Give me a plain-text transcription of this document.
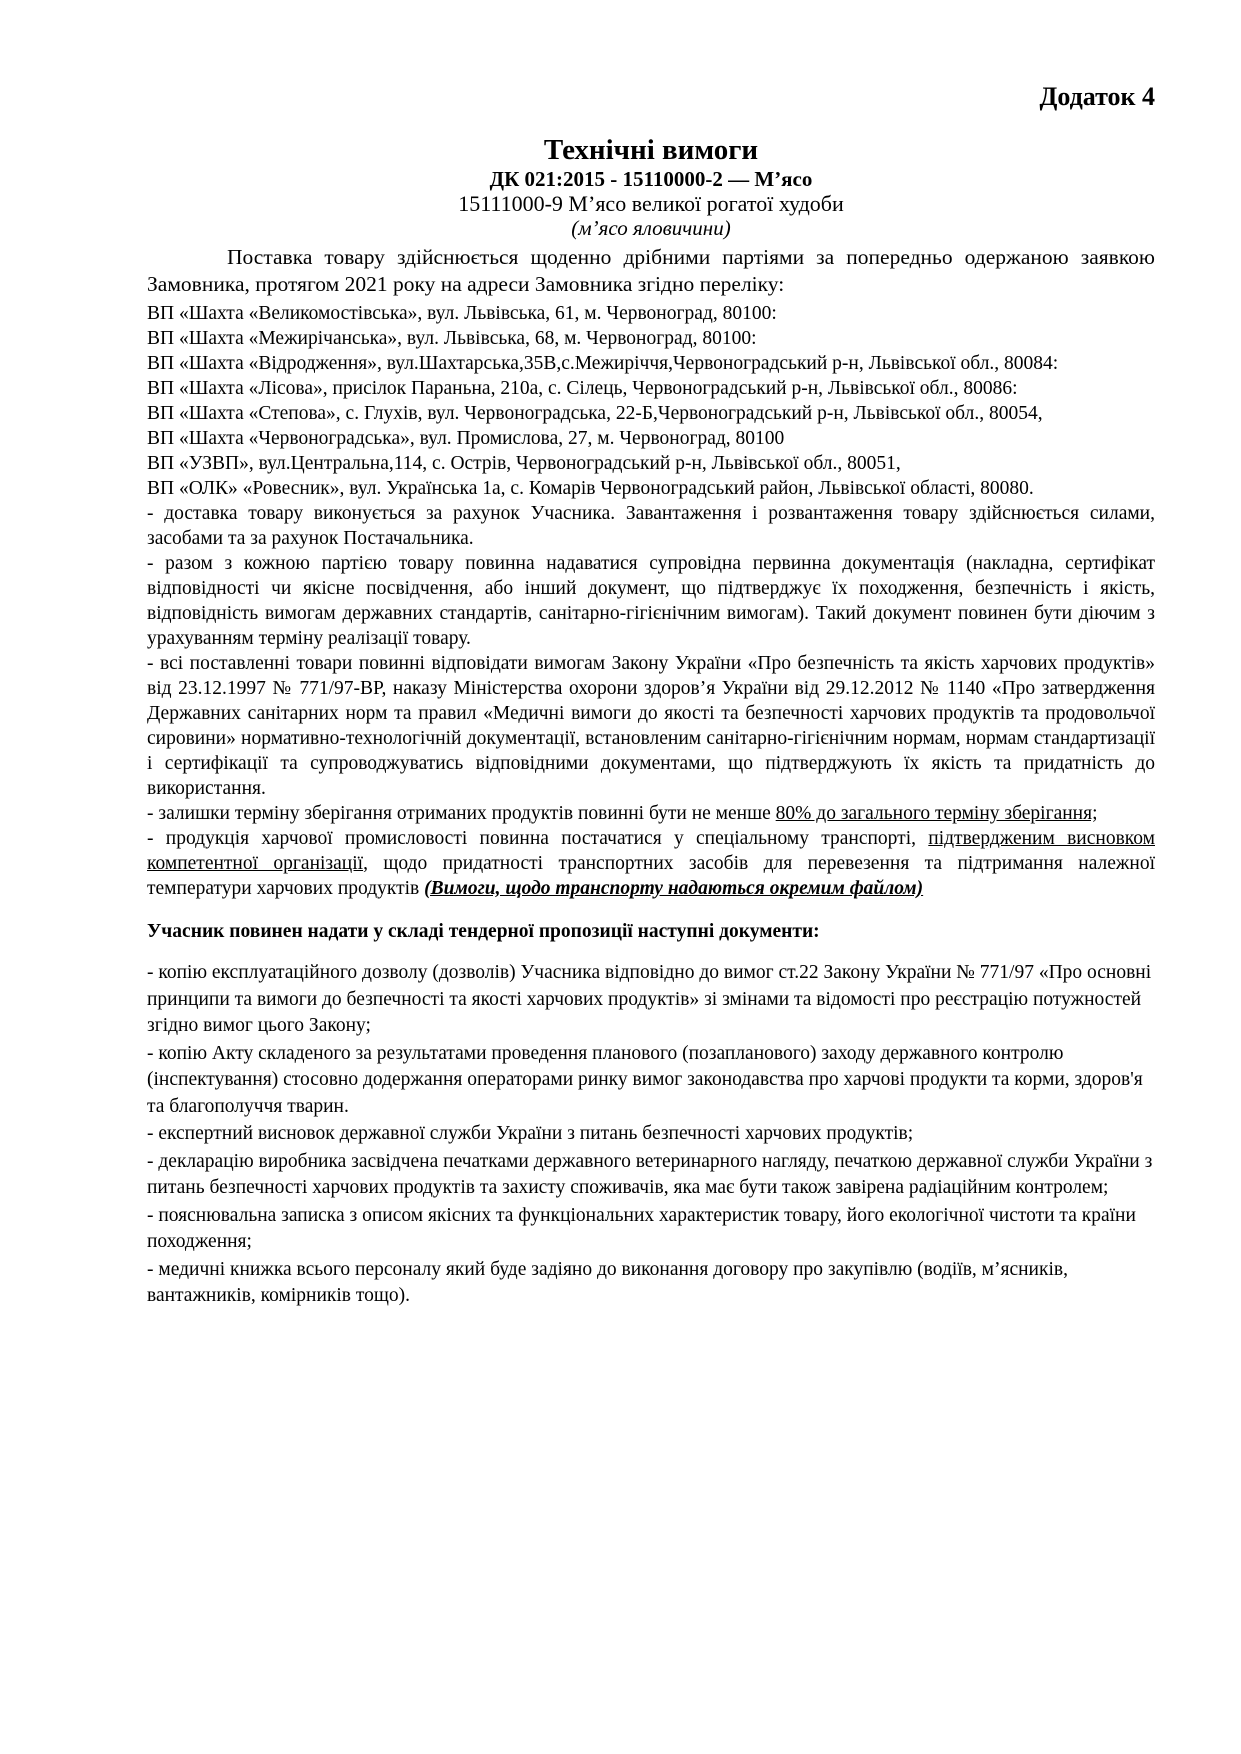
Додаток 4

Технічні вимоги

ДК 021:2015 - 15110000-2 — М’ясо

15111000-9 М’ясо великої рогатої худоби

(м’ясо яловичини)

Поставка товару здійснюється щоденно дрібними партіями за попередньо одержаною заявкою Замовника, протягом 2021 року на адреси Замовника згідно переліку:

ВП «Шахта «Великомостівська», вул. Львівська, 61, м. Червоноград, 80100:
ВП «Шахта «Межирічанська», вул. Львівська, 68, м. Червоноград, 80100:
ВП «Шахта «Відродження», вул.Шахтарська,35В,с.Межиріччя,Червоноградський р-н, Львівської обл., 80084:
ВП «Шахта «Лісова», присілок Параньна, 210а, с. Сілець, Червоноградський р-н, Львівської обл., 80086:
ВП «Шахта «Степова», с. Глухів, вул. Червоноградська, 22-Б,Червоноградський р-н, Львівської обл., 80054,
ВП «Шахта «Червоноградська», вул. Промислова, 27, м. Червоноград, 80100
ВП «УЗВП», вул.Центральна,114, с. Острів, Червоноградський р-н, Львівської обл., 80051,
ВП «ОЛК» «Ровесник», вул. Українська 1а, с. Комарів Червоноградський район, Львівської області, 80080.

- доставка товару виконується за рахунок Учасника. Завантаження і розвантаження товару здійснюється силами, засобами та за рахунок Постачальника.

- разом з кожною партією товару повинна надаватися супровідна первинна документація (накладна, сертифікат відповідності чи якісне посвідчення, або інший документ, що підтверджує їх походження, безпечність і якість, відповідність вимогам державних стандартів, санітарно-гігієнічним вимогам). Такий документ повинен бути діючим з урахуванням терміну реалізації товару.

- всі поставленні товари повинні відповідати вимогам Закону України «Про безпечність та якість харчових продуктів» від 23.12.1997 № 771/97-ВР, наказу Міністерства охорони здоров’я України від 29.12.2012 № 1140 «Про затвердження Державних санітарних норм та правил «Медичні вимоги до якості та безпечності харчових продуктів та продовольчої сировини» нормативно-технологічній документації, встановленим санітарно-гігієнічним нормам, нормам стандартизації і сертифікації та супроводжуватись відповідними документами, що підтверджують їх якість та придатність до використання.

- залишки терміну зберігання отриманих продуктів повинні бути не менше 80% до загального терміну зберігання;

- продукція харчової промисловості повинна постачатися у спеціальному транспорті, підтвердженим висновком компетентної організації, щодо придатності транспортних засобів для перевезення та підтримання належної температури харчових продуктів (Вимоги, щодо транспорту надаються окремим файлом)

Учасник повинен надати у складі тендерної пропозиції наступні документи:

- копію експлуатаційного дозволу (дозволів) Учасника відповідно до вимог ст.22 Закону України № 771/97 «Про основні принципи та вимоги до безпечності та якості харчових продуктів» зі змінами та відомості про реєстрацію потужностей згідно вимог цього Закону;

- копію Акту складеного за результатами проведення планового (позапланового) заходу державного контролю (інспектування) стосовно додержання операторами ринку вимог законодавства про харчові продукти та корми, здоров'я та благополуччя тварин.

- експертний висновок державної служби України з питань безпечності харчових продуктів;

- декларацію виробника засвідчена печатками державного ветеринарного нагляду, печаткою державної служби України з питань безпечності харчових продуктів та захисту споживачів, яка має бути також завірена радіаційним контролем;

- пояснювальна записка з описом якісних та функціональних характеристик товару, його екологічної чистоти та країни походження;

- медичні книжка всього персоналу який буде задіяно до виконання договору про закупівлю (водіїв, м’ясників, вантажників, комірників тощо).
